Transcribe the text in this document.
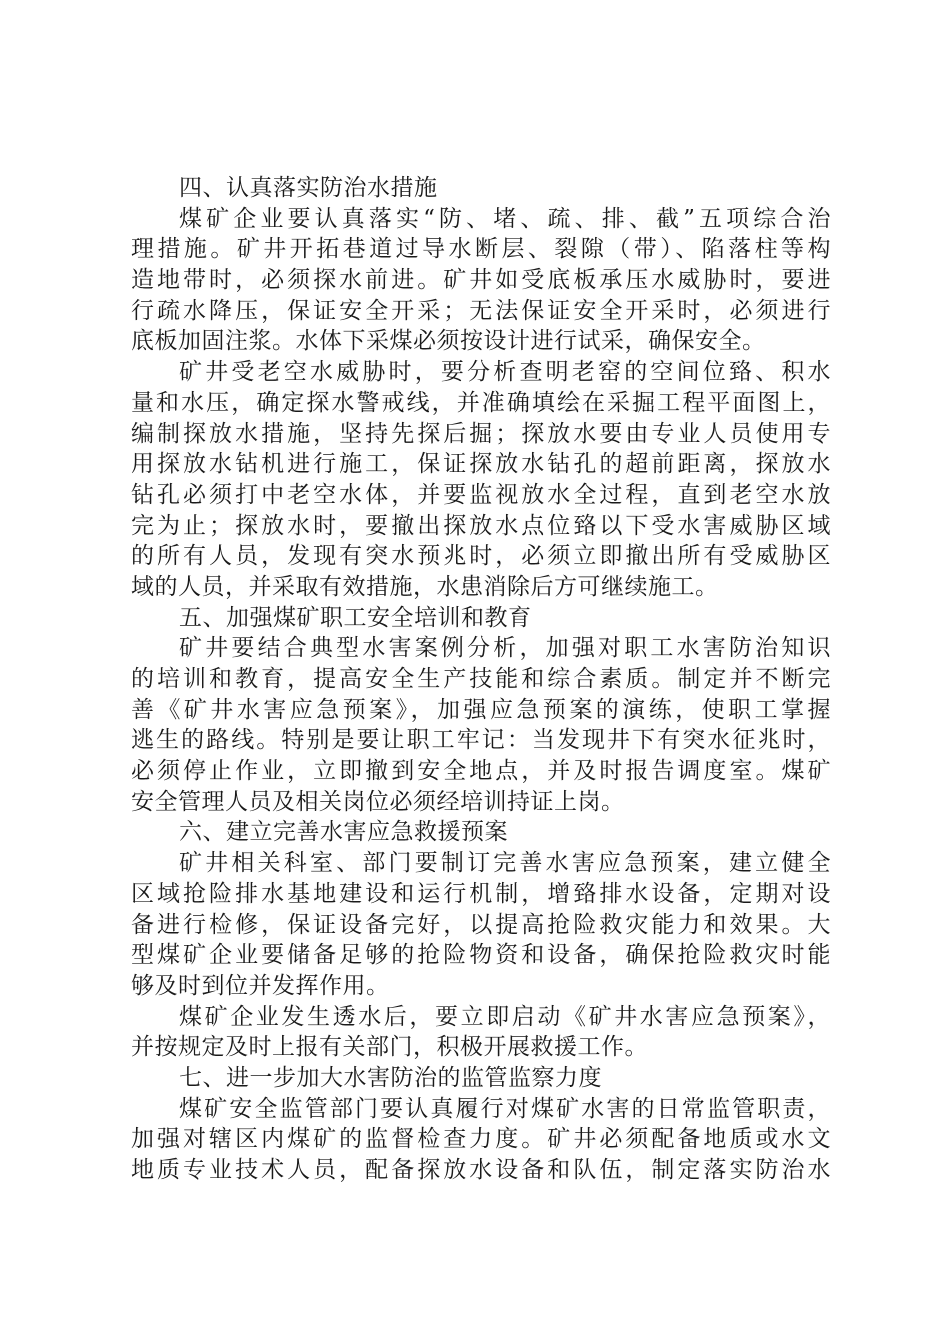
四、认真落实防治水措施
煤矿企业要认真落实“防、堵、疏、排、截”五项综合治
理措施。矿井开拓巷道过导水断层、裂隙（带）、陷落柱等构
造地带时，必须探水前进。矿井如受底板承压水威胁时，要进
行疏水降压，保证安全开采；无法保证安全开采时，必须进行
底板加固注浆。水体下采煤必须按设计进行试采，确保安全。
矿井受老空水威胁时，要分析查明老窑的空间位臵、积水
量和水压，确定探水警戒线，并准确填绘在采掘工程平面图上，
编制探放水措施，坚持先探后掘；探放水要由专业人员使用专
用探放水钻机进行施工，保证探放水钻孔的超前距离，探放水
钻孔必须打中老空水体，并要监视放水全过程，直到老空水放
完为止；探放水时，要撤出探放水点位臵以下受水害威胁区域
的所有人员，发现有突水预兆时，必须立即撤出所有受威胁区
域的人员，并采取有效措施，水患消除后方可继续施工。
五、加强煤矿职工安全培训和教育
矿井要结合典型水害案例分析，加强对职工水害防治知识
的培训和教育，提高安全生产技能和综合素质。制定并不断完
善《矿井水害应急预案》，加强应急预案的演练，使职工掌握
逃生的路线。特别是要让职工牢记：当发现井下有突水征兆时，
必须停止作业，立即撤到安全地点，并及时报告调度室。煤矿
安全管理人员及相关岗位必须经培训持证上岗。
六、建立完善水害应急救援预案
矿井相关科室、部门要制订完善水害应急预案，建立健全
区域抢险排水基地建设和运行机制，增臵排水设备，定期对设
备进行检修，保证设备完好，以提高抢险救灾能力和效果。大
型煤矿企业要储备足够的抢险物资和设备，确保抢险救灾时能
够及时到位并发挥作用。
煤矿企业发生透水后，要立即启动《矿井水害应急预案》，
并按规定及时上报有关部门，积极开展救援工作。
七、进一步加大水害防治的监管监察力度
煤矿安全监管部门要认真履行对煤矿水害的日常监管职责，
加强对辖区内煤矿的监督检查力度。矿井必须配备地质或水文
地质专业技术人员，配备探放水设备和队伍，制定落实防治水
